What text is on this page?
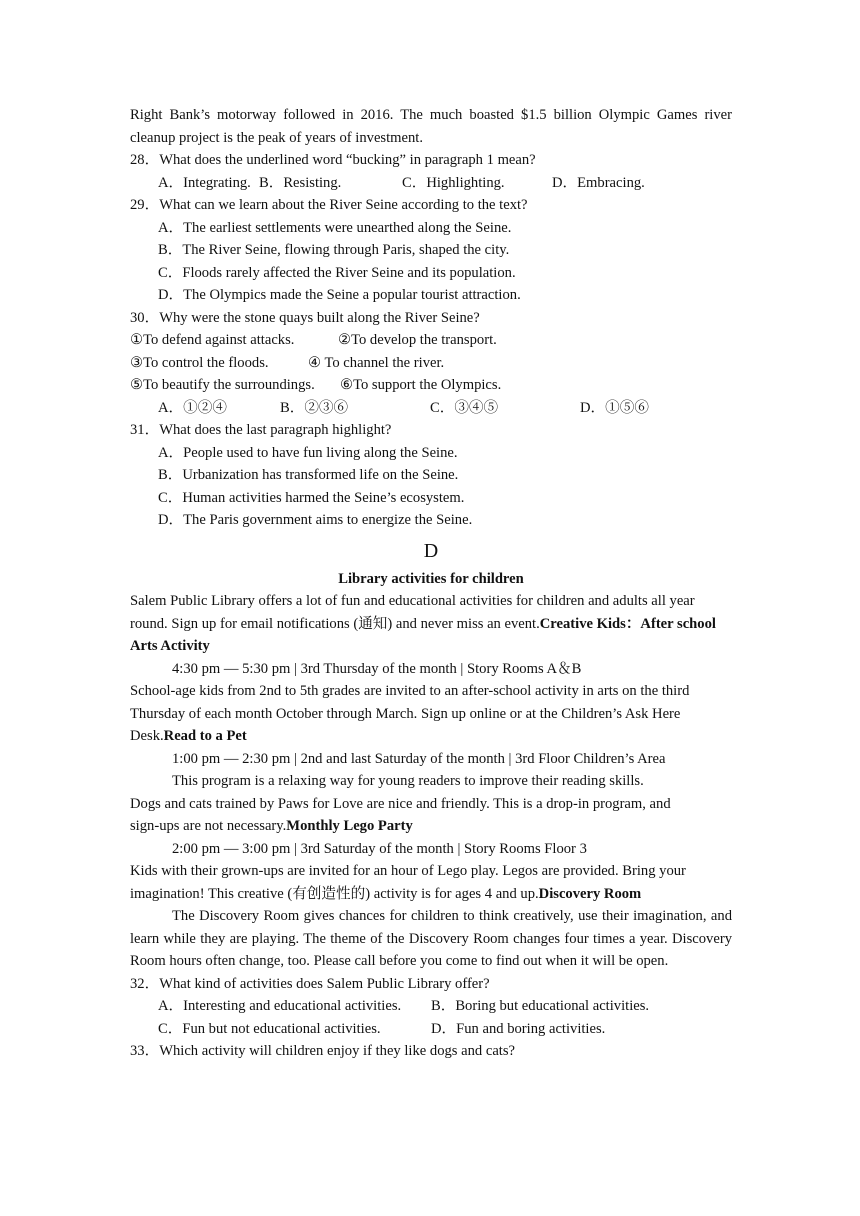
Right Bank’s motorway followed in 2016. The much boasted $1.5 billion Olympic Games river cleanup project is the peak of years of investment.

28．What does the underlined word “bucking” in paragraph 1 mean?

A．Integrating. B．Resisting.	C．Highlighting.	D．Embracing.

29．What can we learn about the River Seine according to the text?

A．The earliest settlements were unearthed along the Seine.

B．The River Seine, flowing through Paris, shaped the city.

C．Floods rarely affected the River Seine and its population.

D．The Olympics made the Seine a popular tourist attraction.

30．Why were the stone quays built along the River Seine?

①To defend against attacks.	②To develop the transport.
③To control the floods.	④ To channel the river.
⑤To beautify the surroundings. ⑥To support the Olympics.
A．①②④	B．②③⑥	C．③④⑤	D．①⑤⑥

31．What does the last paragraph highlight?

A．People used to have fun living along the Seine.

B．Urbanization has transformed life on the Seine.

C．Human activities harmed the Seine’s ecosystem.

D．The Paris government aims to energize the Seine.

D

Library activities for children

Salem Public Library offers a lot of fun and educational activities for children and adults all year round. Sign up for email notifications (通知) and never miss an event.Creative Kids：After school Arts Activity

4:30 pm — 5:30 pm | 3rd Thursday of the month | Story Rooms A＆B

School-age kids from 2nd to 5th grades are invited to an after-school activity in arts on the third Thursday of each month October through March. Sign up online or at the Children’s Ask Here Desk.Read to a Pet

1:00 pm — 2:30 pm | 2nd and last Saturday of the month | 3rd Floor Children’s Area

This program is a relaxing way for young readers to improve their reading skills.

Dogs and cats trained by Paws for Love are nice and friendly. This is a drop-in program, and sign-ups are not necessary.Monthly Lego Party

2:00 pm — 3:00 pm | 3rd Saturday of the month | Story Rooms Floor 3

Kids with their grown-ups are invited for an hour of Lego play. Legos are provided. Bring your imagination! This creative (有创造性的) activity is for ages 4 and up.Discovery Room

The Discovery Room gives chances for children to think creatively, use their imagination, and learn while they are playing. The theme of the Discovery Room changes four times a year. Discovery Room hours often change, too. Please call before you come to find out when it will be open.

32．What kind of activities does Salem Public Library offer?

A．Interesting and educational activities. B．Boring but educational activities.
C．Fun but not educational activities.	D．Fun and boring activities.

33．Which activity will children enjoy if they like dogs and cats?
